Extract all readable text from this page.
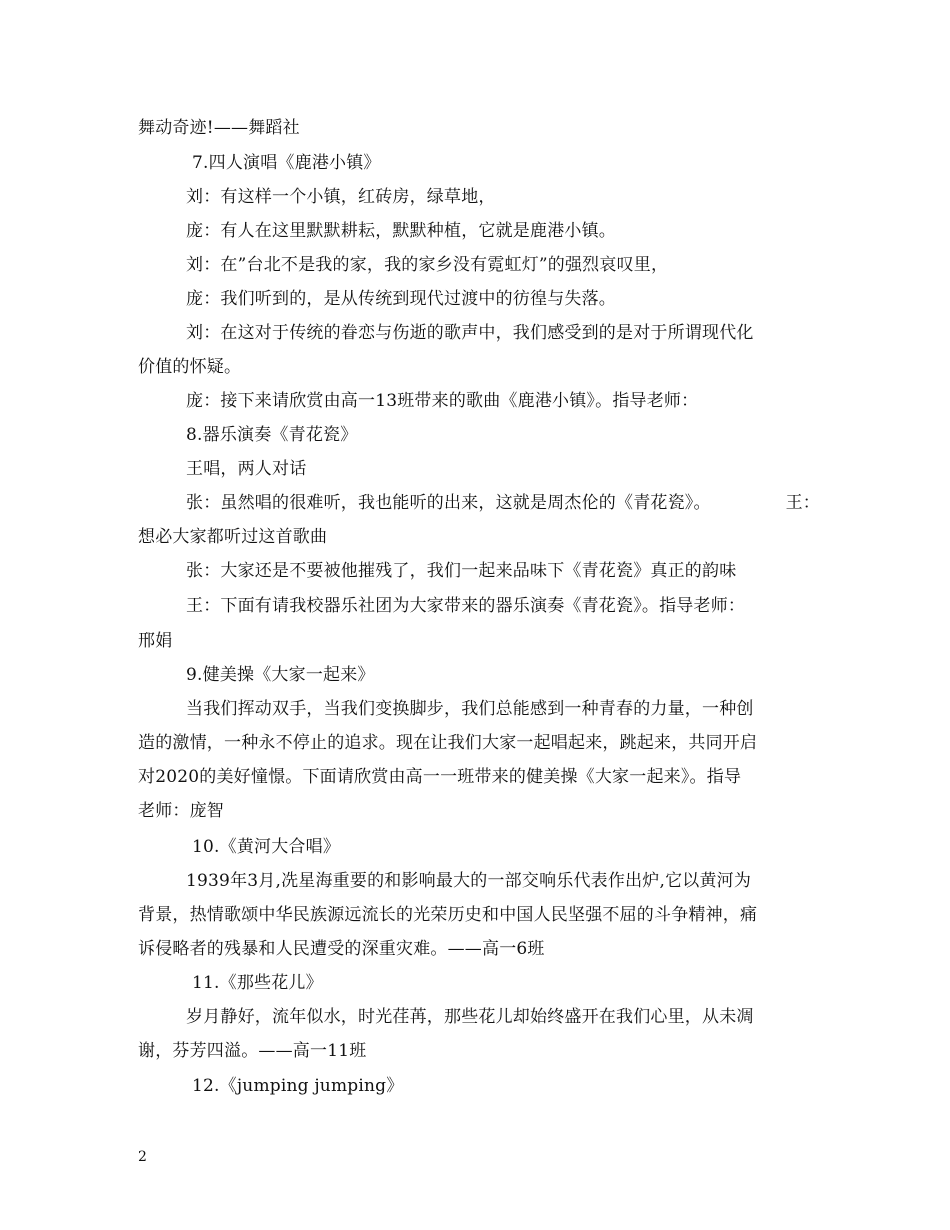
舞动奇迹!——舞蹈社
7.四人演唱《鹿港小镇》
刘：有这样一个小镇，红砖房，绿草地，
庞：有人在这里默默耕耘，默默种植，它就是鹿港小镇。
刘：在”台北不是我的家，我的家乡没有霓虹灯”的强烈哀叹里，
庞：我们听到的，是从传统到现代过渡中的彷徨与失落。
刘：在这对于传统的眷恋与伤逝的歌声中，我们感受到的是对于所谓现代化
价值的怀疑。
庞：接下来请欣赏由高一13班带来的歌曲《鹿港小镇》。指导老师：
8.器乐演奏《青花瓷》
王唱，两人对话
张：虽然唱的很难听，我也能听的出来，这就是周杰伦的《青花瓷》。	王：
想必大家都听过这首歌曲
张：大家还是不要被他摧残了，我们一起来品味下《青花瓷》真正的韵味
王：下面有请我校器乐社团为大家带来的器乐演奏《青花瓷》。指导老师：
邢娟
9.健美操《大家一起来》
当我们挥动双手，当我们变换脚步，我们总能感到一种青春的力量，一种创
造的激情，一种永不停止的追求。现在让我们大家一起唱起来，跳起来，共同开启
对2020的美好憧憬。下面请欣赏由高一一班带来的健美操《大家一起来》。指导
老师：庞智
10.《黄河大合唱》
1939年3月,冼星海重要的和影响最大的一部交响乐代表作出炉,它以黄河为
背景，热情歌颂中华民族源远流长的光荣历史和中国人民坚强不屈的斗争精神，痛
诉侵略者的残暴和人民遭受的深重灾难。——高一6班
11.《那些花儿》
岁月静好，流年似水，时光荏苒，那些花儿却始终盛开在我们心里，从未凋
谢，芬芳四溢。——高一11班
12.《jumping jumping》
2
